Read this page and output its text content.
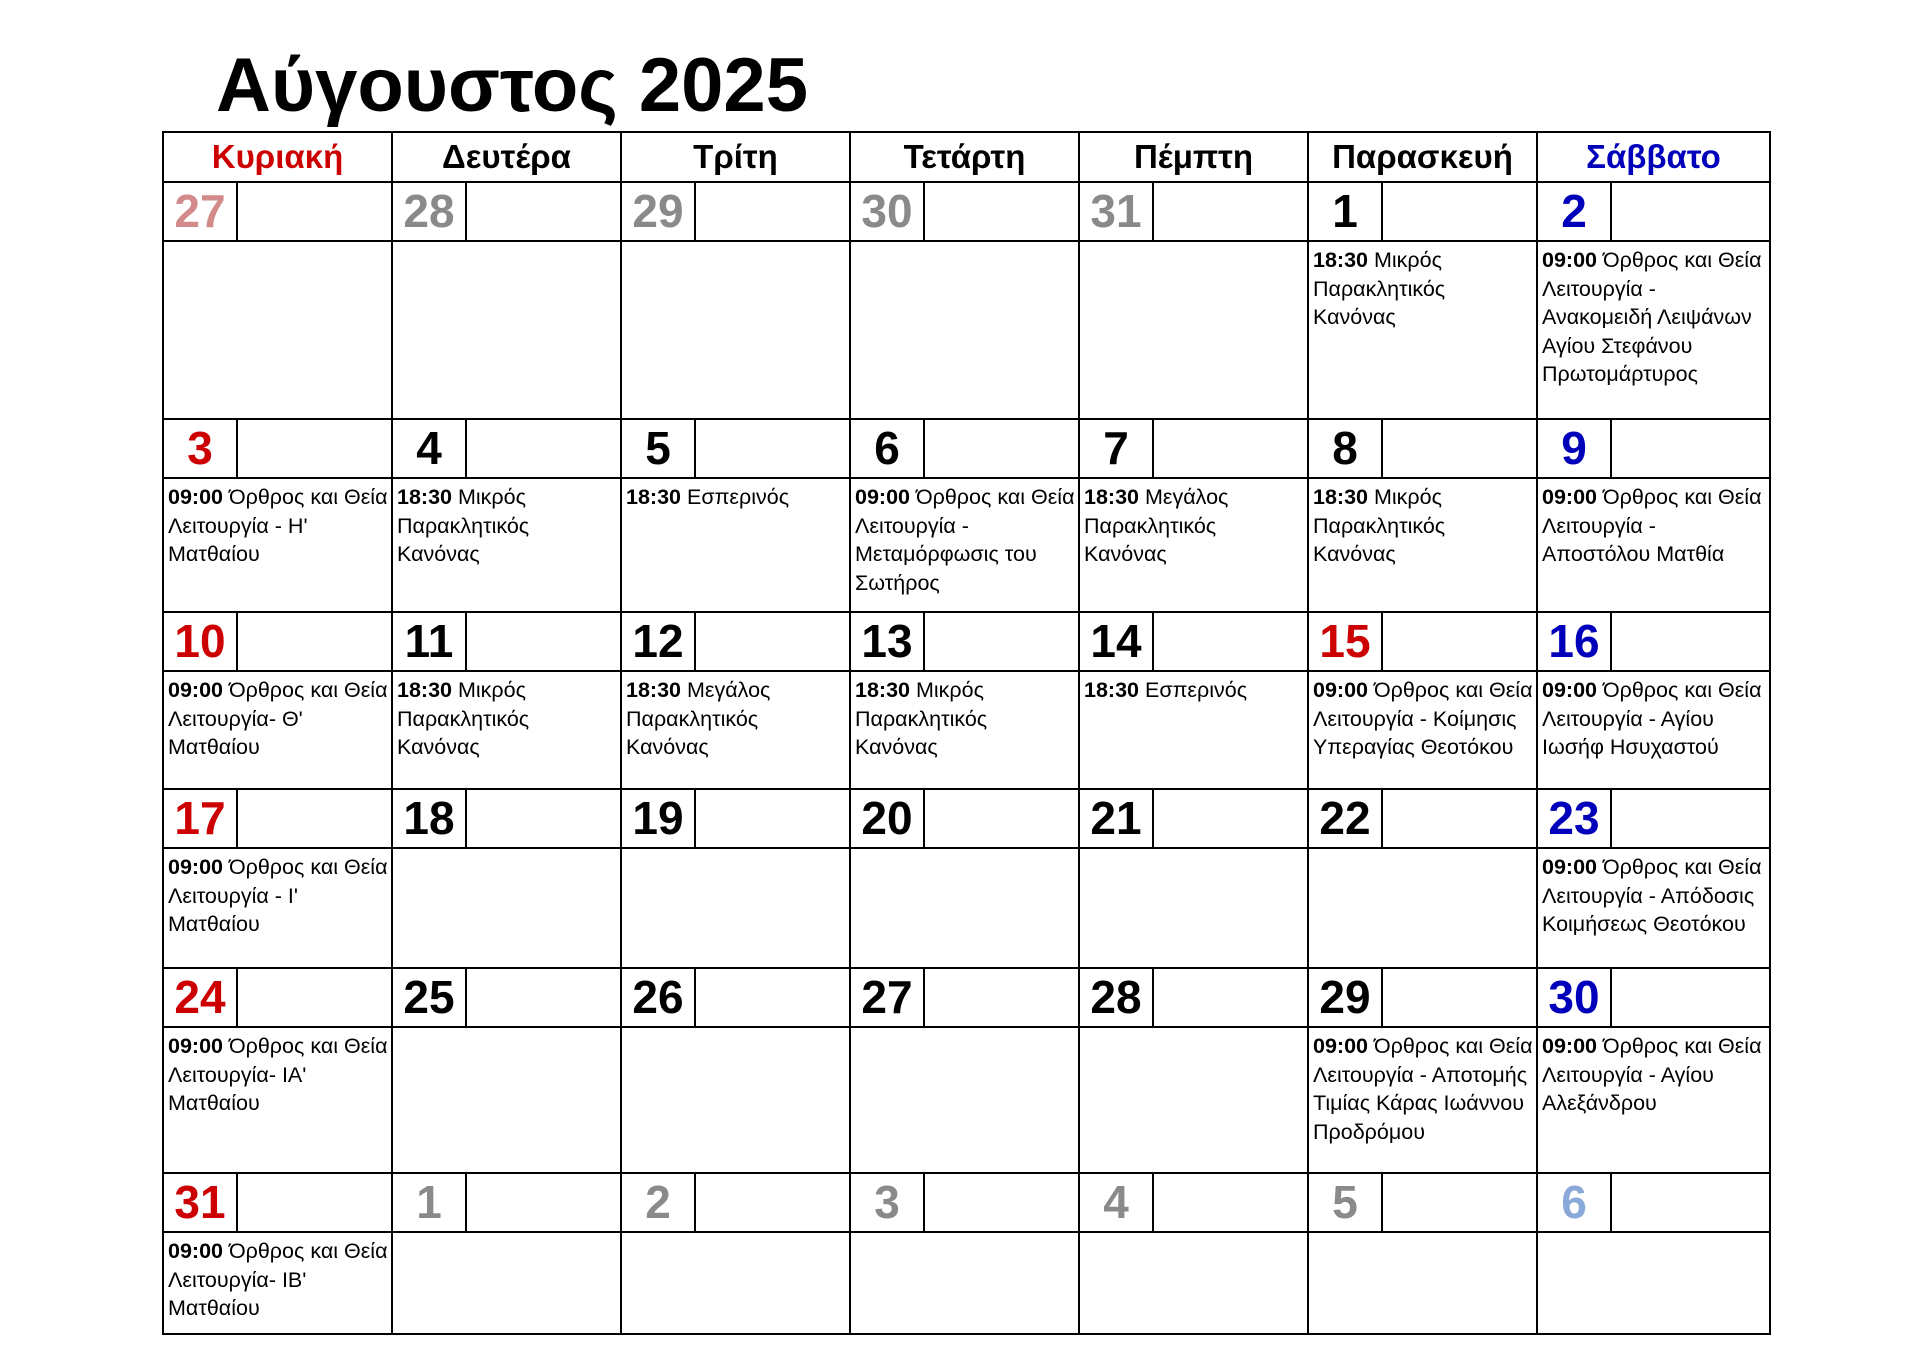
Αύγουστος 2025
Κυριακή	Δευτέρα	Τρίτη	Τετάρτη	Πέμπτη	Παρασκευή	Σάββατο

27	28	29	30	31	1	2

					18:30 Μικρός Παρακλητικός Κανόνας	09:00 Όρθρος και Θεία Λειτουργία - Ανακομειδή Λειψάνων Αγίου Στεφάνου Πρωτομάρτυρος

3	4	5	6	7	8	9

09:00 Όρθρος και Θεία Λειτουργία - Η' Ματθαίου	18:30 Μικρός Παρακλητικός Κανόνας	18:30 Εσπερινός	09:00 Όρθρος και Θεία Λειτουργία - Μεταμόρφωσις του Σωτήρος	18:30 Μεγάλος Παρακλητικός Κανόνας	18:30 Μικρός Παρακλητικός Κανόνας	09:00 Όρθρος και Θεία Λειτουργία - Αποστόλου Ματθία

10	11	12	13	14	15	16

09:00 Όρθρος και Θεία Λειτουργία- Θ' Ματθαίου	18:30 Μικρός Παρακλητικός Κανόνας	18:30 Μεγάλος Παρακλητικός Κανόνας	18:30 Μικρός Παρακλητικός Κανόνας	18:30 Εσπερινός	09:00 Όρθρος και Θεία Λειτουργία - Κοίμησις Υπεραγίας Θεοτόκου	09:00 Όρθρος και Θεία Λειτουργία - Αγίου Ιωσήφ Ησυχαστού

17	18	19	20	21	22	23

09:00 Όρθρος και Θεία Λειτουργία - Ι' Ματθαίου						09:00 Όρθρος και Θεία Λειτουργία - Απόδοσις Κοιμήσεως Θεοτόκου

24	25	26	27	28	29	30

09:00 Όρθρος και Θεία Λειτουργία- ΙΑ' Ματθαίου					09:00 Όρθρος και Θεία Λειτουργία - Αποτομής Τιμίας Κάρας Ιωάννου Προδρόμου	09:00 Όρθρος και Θεία Λειτουργία - Αγίου Αλεξάνδρου

31	1	2	3	4	5	6

09:00 Όρθρος και Θεία Λειτουργία- ΙΒ' Ματθαίου						
